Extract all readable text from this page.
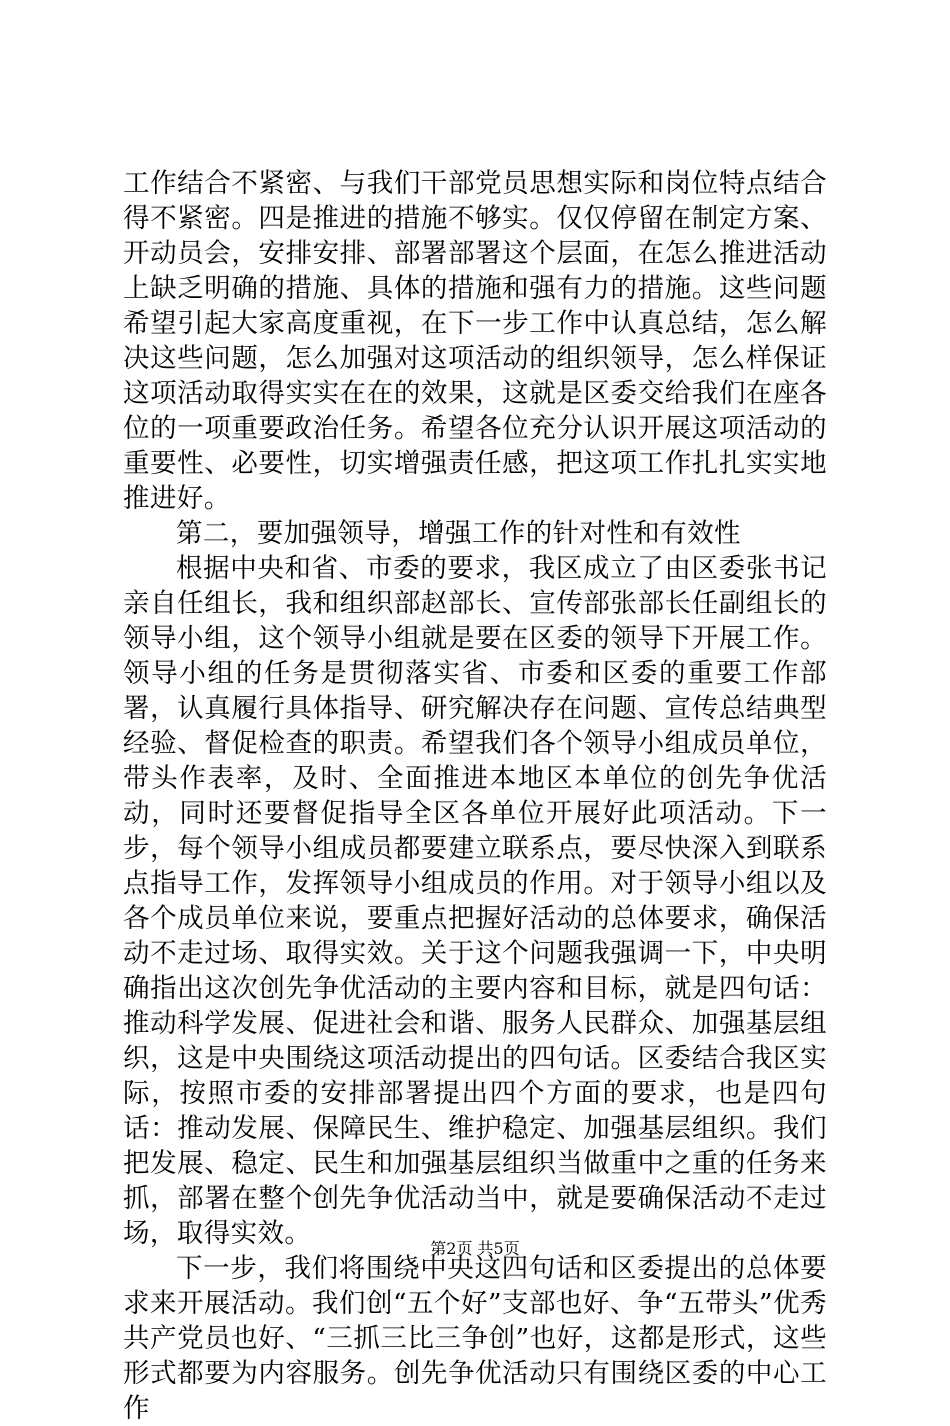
工作结合不紧密、与我们干部党员思想实际和岗位特点结合得不紧密。四是推进的措施不够实。仅仅停留在制定方案、开动员会，安排安排、部署部署这个层面，在怎么推进活动上缺乏明确的措施、具体的措施和强有力的措施。这些问题希望引起大家高度重视，在下一步工作中认真总结，怎么解决这些问题，怎么加强对这项活动的组织领导，怎么样保证这项活动取得实实在在的效果，这就是区委交给我们在座各位的一项重要政治任务。希望各位充分认识开展这项活动的重要性、必要性，切实增强责任感，把这项工作扎扎实实地推进好。

第二，要加强领导，增强工作的针对性和有效性

根据中央和省、市委的要求，我区成立了由区委张书记亲自任组长，我和组织部赵部长、宣传部张部长任副组长的领导小组，这个领导小组就是要在区委的领导下开展工作。领导小组的任务是贯彻落实省、市委和区委的重要工作部署，认真履行具体指导、研究解决存在问题、宣传总结典型经验、督促检查的职责。希望我们各个领导小组成员单位，带头作表率，及时、全面推进本地区本单位的创先争优活动，同时还要督促指导全区各单位开展好此项活动。下一步，每个领导小组成员都要建立联系点，要尽快深入到联系点指导工作，发挥领导小组成员的作用。对于领导小组以及各个成员单位来说，要重点把握好活动的总体要求，确保活动不走过场、取得实效。关于这个问题我强调一下，中央明确指出这次创先争优活动的主要内容和目标，就是四句话：推动科学发展、促进社会和谐、服务人民群众、加强基层组织，这是中央围绕这项活动提出的四句话。区委结合我区实际，按照市委的安排部署提出四个方面的要求，也是四句话：推动发展、保障民生、维护稳定、加强基层组织。我们把发展、稳定、民生和加强基层组织当做重中之重的任务来抓，部署在整个创先争优活动当中，就是要确保活动不走过场，取得实效。

下一步，我们将围绕中央这四句话和区委提出的总体要求来开展活动。我们创“五个好”支部也好、争“五带头”优秀共产党员也好、“三抓三比三争创”也好，这都是形式，这些形式都要为内容服务。创先争优活动只有围绕区委的中心工作

第2页 共5页
